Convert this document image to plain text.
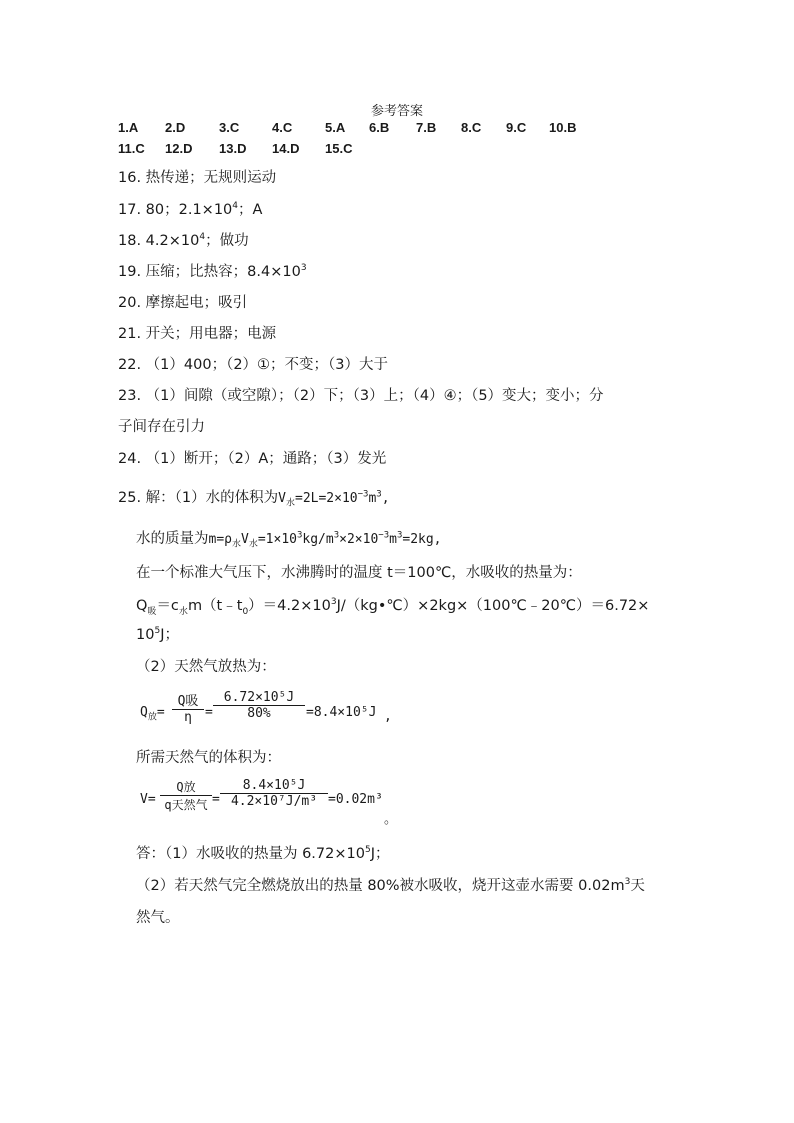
参考答案
1.A 2.D	3.C	4.C	5.A 6.B 7.B 8.C 9.C 10.B
11.C 12.D 13.D 14.D 15.C
16. 热传递；无规则运动
17. 80；$2.1\times 10^4$；A
18. $4.2\times 10^4$；做功
19. 压缩；比热容；$8.4\times 10^3$
20. 摩擦起电；吸引
21. 开关；用电器；电源
22. （1）400；（2）①；不变；（3）大于
23. （1）间隙（或空隙）；（2）下；（3）上；（4）④；（5）变大；变小；分
子间存在引力
24. （1）断开；（2）A；通路；（3）发光
25. 解：（1）水的体积为$V_水=2L=2\times 10^{-3}m^3$,
水的质量为$m=\rho_水V_水=1\times 10^3kg/m^3\times 2\times 10^{-3}m^3=2kg$,
在一个标准大气压下，水沸腾时的温度 t＝100℃，水吸收的热量为：
$Q_吸=c_水m(t﹣t_0)=4.2\times 10^3J/(kg•℃)\times 2kg\times(100℃﹣20℃)=6.72\times$
$10^5J$；
（2）天然气放热为：
$Q_放=$
Q吸
η	=
6.72×10⁵J
80%	=8.4×10⁵J ,
所需天然气的体积为：
V=
Q放
q天然气 =
8.4×10⁵J
4.2×10⁷J/m³ =0.02m³
。
答：（1）水吸收的热量为 $6.72\times 10^5J$；
（2）若天然气完全燃烧放出的热量 80%被水吸收，烧开这壶水需要 $0.02m^3$天
然气。
